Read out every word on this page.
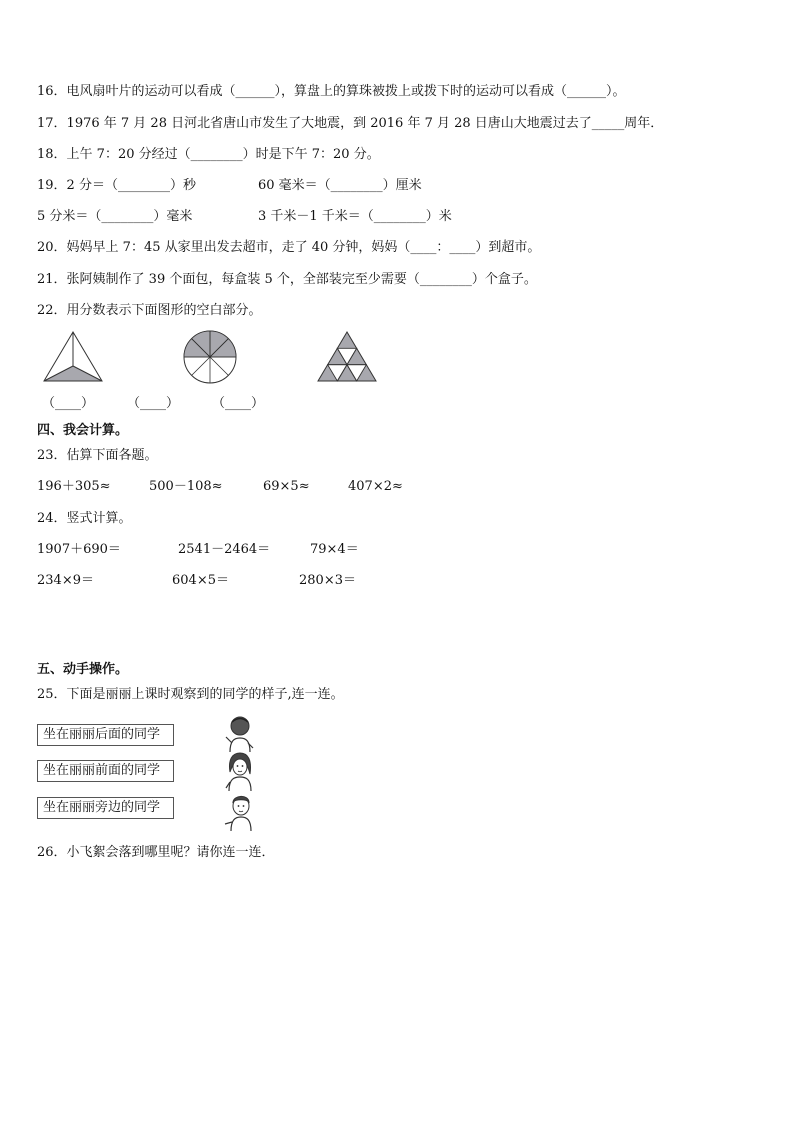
16．电风扇叶片的运动可以看成（______），算盘上的算珠被拨上或拨下时的运动可以看成（______）。
17．1976 年 7 月 28 日河北省唐山市发生了大地震，到 2016 年 7 月 28 日唐山大地震过去了_____周年．
18．上午 7：20 分经过（________）时是下午 7：20 分。
19．2 分＝（________）秒	60 毫米＝（________）厘米
5 分米＝（________）毫米	3 千米－1 千米＝（________）米
20．妈妈早上 7：45 从家里出发去超市，走了 40 分钟，妈妈（____：____）到超市。
21．张阿姨制作了 39 个面包，每盒装 5 个，全部装完至少需要（________）个盒子。
22．用分数表示下面图形的空白部分。
（____）	（____）	（____）
四、我会计算。
23．估算下面各题。
196＋305≈	500－108≈	69×5≈	407×2≈
24．竖式计算。
1907＋690＝	2541－2464＝	79×4＝
234×9＝	604×5＝	280×3＝
五、动手操作。
25．下面是丽丽上课时观察到的同学的样子,连一连。
坐在丽丽后面的同学
坐在丽丽前面的同学
坐在丽丽旁边的同学
26．小飞絮会落到哪里呢？请你连一连．
